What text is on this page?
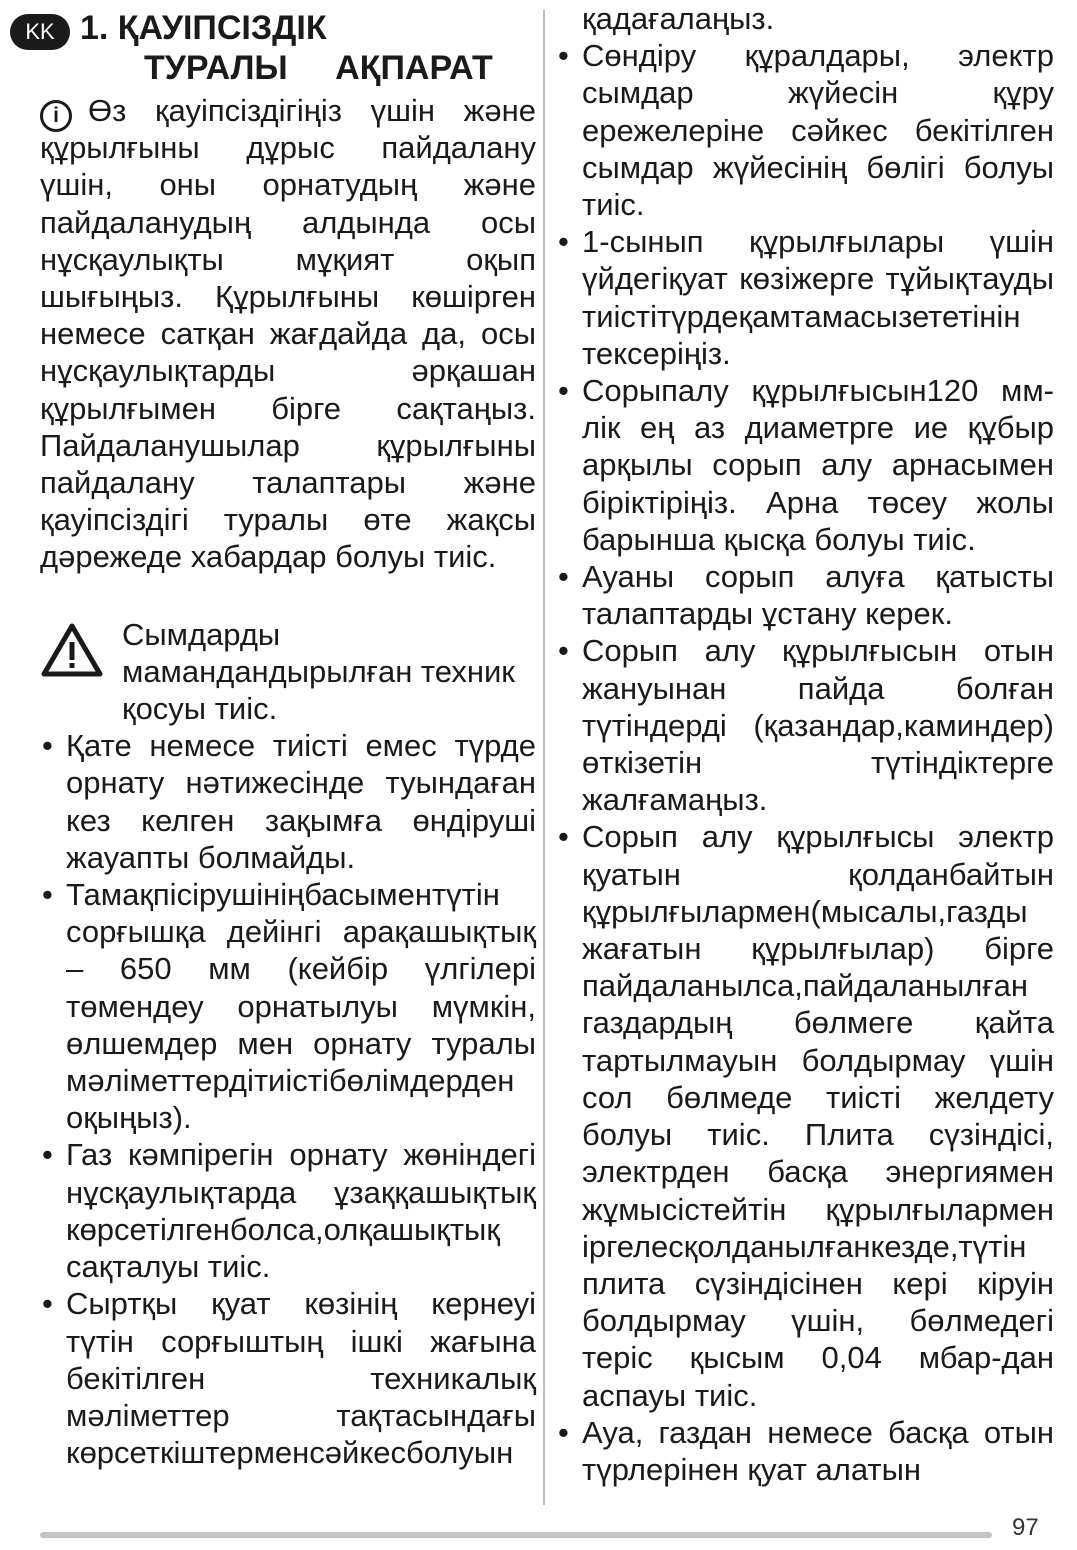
KK 1. ҚАУІПСІЗДІК
ТУРАЛЫ АҚПАРАТ
i Өз қауіпсіздігіңіз үшін және құрылғыны дұрыс пайдалану үшін, оны орнатудың және пайдаланудың алдында осы нұсқаулықты мұқият оқып шығыңыз. Құрылғыны көшірген немесе сатқан жағдайда да, осы нұсқаулықтарды әрқашан құрылғымен бірге сақтаңыз. Пайдаланушылар құрылғыны пайдалану талаптары және қауіпсіздігі туралы өте жақсы дәрежеде хабардар болуы тиіс.

Сымдарды мамандандырылған техник қосуы тиіс.

• Қате немесе тиісті емес түрде орнату нәтижесінде туындаған кез келген зақымға өндіруші жауапты болмайды.
• Тамақпісірушініңбасыментүтін сорғышқа дейінгі арақашықтық – 650 мм (кейбір үлгілері төмендеу орнатылуы мүмкін, өлшемдер мен орнату туралы мәліметтердітиістібөлімдерден оқыңыз).
• Газ кәмпірегін орнату жөніндегі нұсқаулықтарда ұзаққашықтық көрсетілгенболса,олқашықтық сақталуы тиіс.
• Сыртқы қуат көзінің кернеуі түтін сорғыштың ішкі жағына бекітілген техникалық мәліметтер тақтасындағы көрсеткіштерменсәйкесболуын

қадағалаңыз.

• Сөндіру құралдары, электр сымдар жүйесін құру ережелеріне сәйкес бекітілген сымдар жүйесінің бөлігі болуы тиіс.
• 1-сынып құрылғылары үшін үйдегіқуат көзіжерге тұйықтауды тиістітүрдеқамтамасызететінін тексеріңіз.
• Сорыпалу құрылғысын120 мм-лік ең аз диаметрге ие құбыр арқылы сорып алу арнасымен біріктіріңіз. Арна төсеу жолы барынша қысқа болуы тиіс.
• Ауаны сорып алуға қатысты талаптарды ұстану керек.
• Сорып алу құрылғысын отын жануынан пайда болған түтіндерді (қазандар,каминдер) өткізетін түтіндіктерге жалғамаңыз.
• Сорып алу құрылғысы электр қуатын қолданбайтын құрылғылармен(мысалы,газды жағатын құрылғылар) бірге пайдаланылса,пайдаланылған газдардың бөлмеге қайта тартылмауын болдырмау үшін сол бөлмеде тиісті желдету болуы тиіс. Плита сүзіндісі, электрден басқа энергиямен жұмысістейтін құрылғылармен іргелесқолданылғанкезде,түтін плита сүзіндісінен кері кіруін болдырмау үшін, бөлмедегі теріс қысым 0,04 мбар-дан аспауы тиіс.
• Ауа, газдан немесе басқа отын түрлерінен қуат алатын
97
